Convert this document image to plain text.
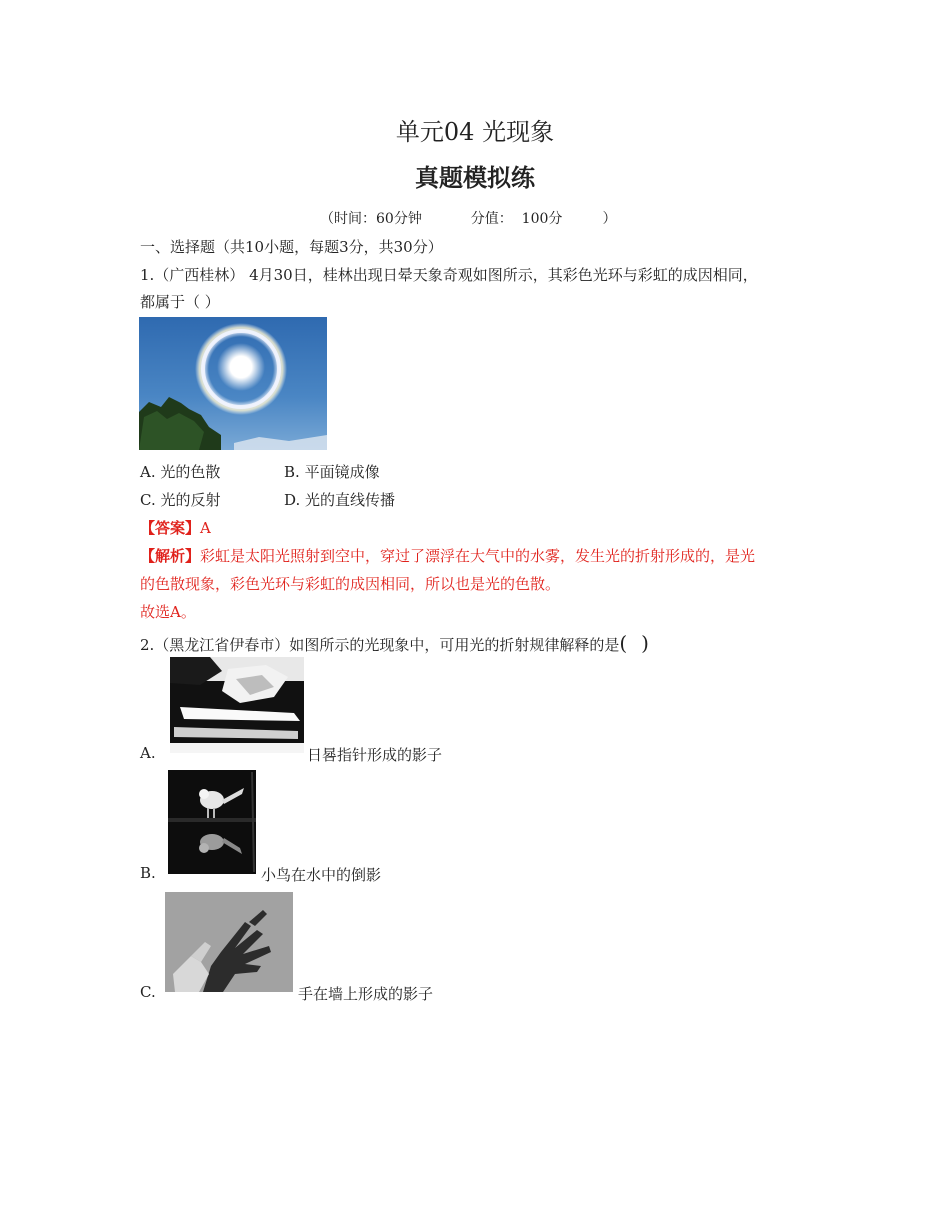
单元04 光现象
真题模拟练
（时间：60分钟           分值：  100分         ）
一、选择题（共10小题，每题3分，共30分）
1.（广西桂林） 4月30日，桂林出现日晕天象奇观如图所示，其彩色光环与彩虹的成因相同，
都属于（ ）
A. 光的色散	B. 平面镜成像
C. 光的反射	D. 光的直线传播
【答案】A
【解析】彩虹是太阳光照射到空中，穿过了漂浮在大气中的水雾，发生光的折射形成的，是光
的色散现象，彩色光环与彩虹的成因相同，所以也是光的色散。
故选A。
2.（黑龙江省伊春市）如图所示的光现象中，可用光的折射规律解释的是( )
A.	日晷指针形成的影子
B.	小鸟在水中的倒影
C.	手在墙上形成的影子
